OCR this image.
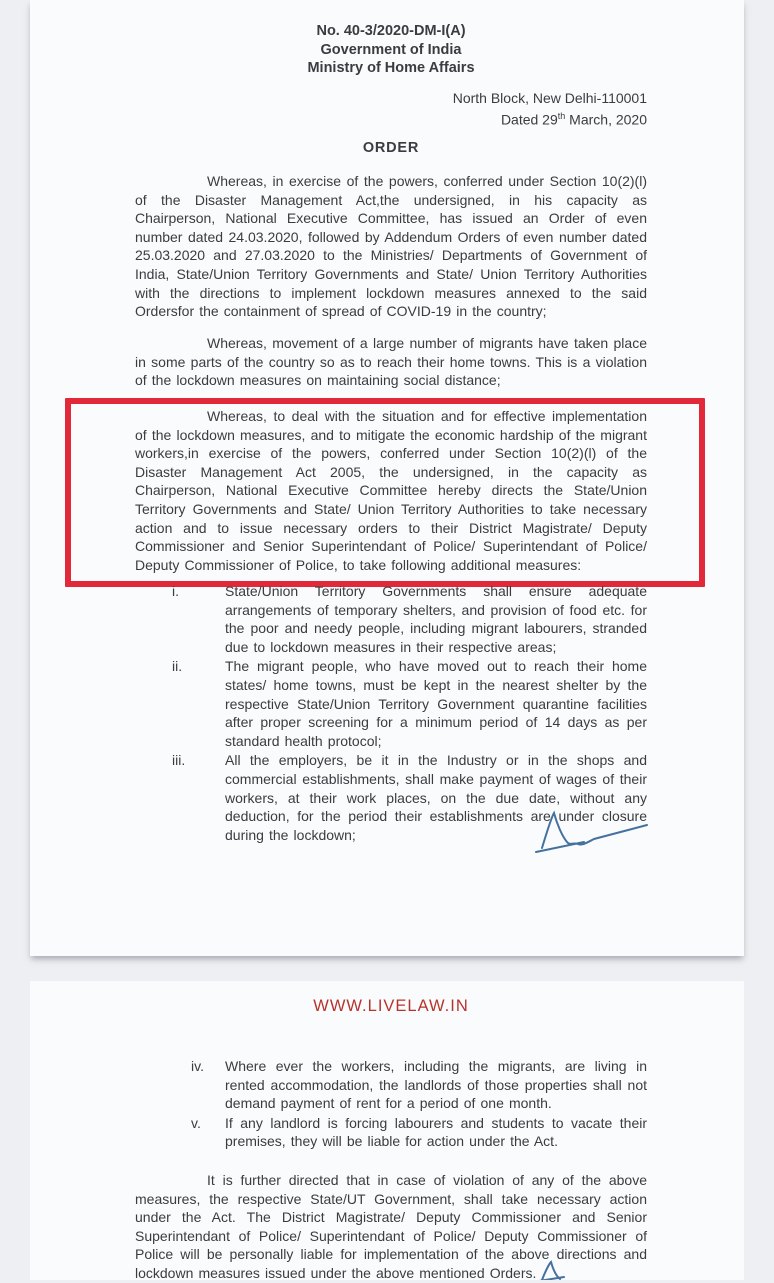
No. 40-3/2020-DM-I(A)
Government of India
Ministry of Home Affairs
North Block, New Delhi-110001
Dated 29th March, 2020
ORDER
Whereas, in exercise of the powers, conferred under Section 10(2)(l) of the Disaster Management Act,the undersigned, in his capacity as Chairperson, National Executive Committee, has issued an Order of even number dated 24.03.2020, followed by Addendum Orders of even number dated 25.03.2020 and 27.03.2020 to the Ministries/ Departments of Government of India, State/Union Territory Governments and State/ Union Territory Authorities with the directions to implement lockdown measures annexed to the said Ordersfor the containment of spread of COVID-19 in the country;
Whereas, movement of a large number of migrants have taken place in some parts of the country so as to reach their home towns. This is a violation of the lockdown measures on maintaining social distance;
Whereas, to deal with the situation and for effective implementation of the lockdown measures, and to mitigate the economic hardship of the migrant workers,in exercise of the powers, conferred under Section 10(2)(l) of the Disaster Management Act 2005, the undersigned, in the capacity as Chairperson, National Executive Committee hereby directs the State/Union Territory Governments and State/ Union Territory Authorities to take necessary action and to issue necessary orders to their District Magistrate/ Deputy Commissioner and Senior Superintendant of Police/ Superintendant of Police/ Deputy Commissioner of Police, to take following additional measures:
i.	State/Union Territory Governments shall ensure adequate arrangements of temporary shelters, and provision of food etc. for the poor and needy people, including migrant labourers, stranded due to lockdown measures in their respective areas;
ii.	The migrant people, who have moved out to reach their home states/ home towns, must be kept in the nearest shelter by the respective State/Union Territory Government quarantine facilities after proper screening for a minimum period of 14 days as per standard health protocol;
iii.	All the employers, be it in the Industry or in the shops and commercial establishments, shall make payment of wages of their workers, at their work places, on the due date, without any deduction, for the period their establishments are under closure during the lockdown;
WWW.LIVELAW.IN
iv.	Where ever the workers, including the migrants, are living in rented accommodation, the landlords of those properties shall not demand payment of rent for a period of one month.
v.	If any landlord is forcing labourers and students to vacate their premises, they will be liable for action under the Act.
It is further directed that in case of violation of any of the above measures, the respective State/UT Government, shall take necessary action under the Act. The District Magistrate/ Deputy Commissioner and Senior Superintendant of Police/ Superintendant of Police/ Deputy Commissioner of Police will be personally liable for implementation of the above directions and lockdown measures issued under the above mentioned Orders.
